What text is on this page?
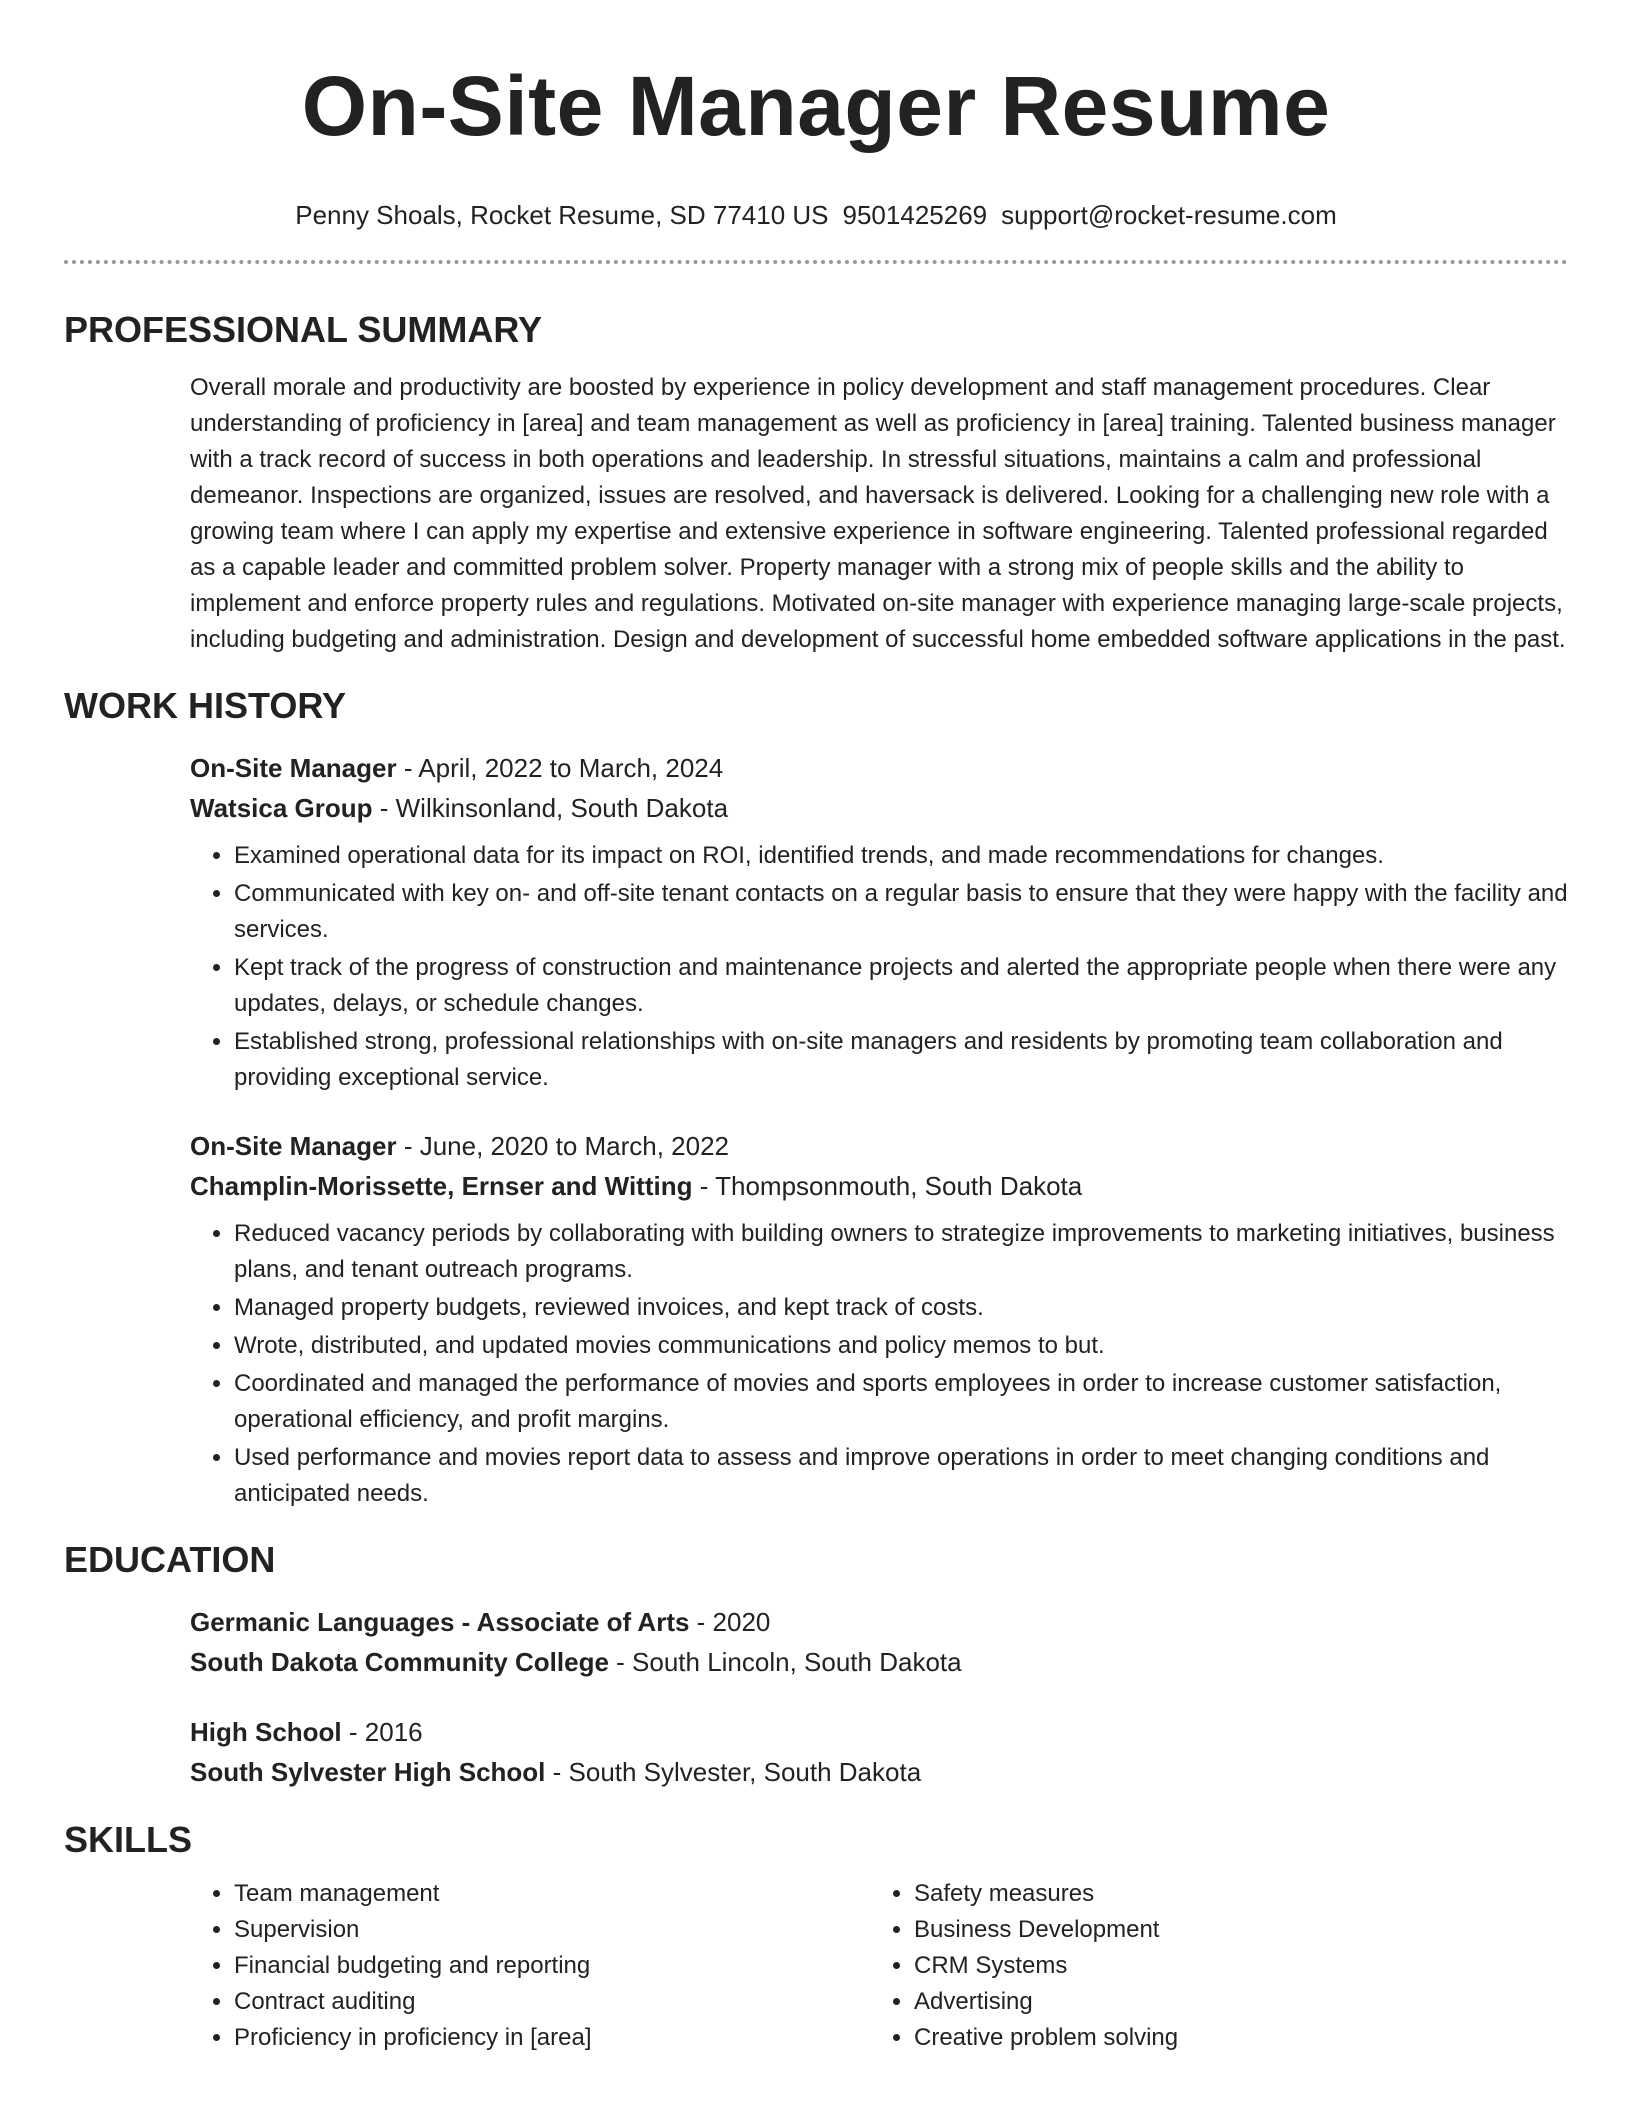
On-Site Manager Resume
Penny Shoals, Rocket Resume, SD 77410 US 9501425269 support@rocket-resume.com
PROFESSIONAL SUMMARY
Overall morale and productivity are boosted by experience in policy development and staff management procedures. Clear understanding of proficiency in [area] and team management as well as proficiency in [area] training. Talented business manager with a track record of success in both operations and leadership. In stressful situations, maintains a calm and professional demeanor. Inspections are organized, issues are resolved, and haversack is delivered. Looking for a challenging new role with a growing team where I can apply my expertise and extensive experience in software engineering. Talented professional regarded as a capable leader and committed problem solver. Property manager with a strong mix of people skills and the ability to implement and enforce property rules and regulations. Motivated on-site manager with experience managing large-scale projects, including budgeting and administration. Design and development of successful home embedded software applications in the past.
WORK HISTORY
On-Site Manager - April, 2022 to March, 2024
Watsica Group - Wilkinsonland, South Dakota
• Examined operational data for its impact on ROI, identified trends, and made recommendations for changes.
• Communicated with key on- and off-site tenant contacts on a regular basis to ensure that they were happy with the facility and services.
• Kept track of the progress of construction and maintenance projects and alerted the appropriate people when there were any updates, delays, or schedule changes.
• Established strong, professional relationships with on-site managers and residents by promoting team collaboration and providing exceptional service.
On-Site Manager - June, 2020 to March, 2022
Champlin-Morissette, Ernser and Witting - Thompsonmouth, South Dakota
• Reduced vacancy periods by collaborating with building owners to strategize improvements to marketing initiatives, business plans, and tenant outreach programs.
• Managed property budgets, reviewed invoices, and kept track of costs.
• Wrote, distributed, and updated movies communications and policy memos to but.
• Coordinated and managed the performance of movies and sports employees in order to increase customer satisfaction, operational efficiency, and profit margins.
• Used performance and movies report data to assess and improve operations in order to meet changing conditions and anticipated needs.
EDUCATION
Germanic Languages - Associate of Arts - 2020
South Dakota Community College - South Lincoln, South Dakota
High School - 2016
South Sylvester High School - South Sylvester, South Dakota
SKILLS
• Team management
• Supervision
• Financial budgeting and reporting
• Contract auditing
• Proficiency in proficiency in [area]
• Safety measures
• Business Development
• CRM Systems
• Advertising
• Creative problem solving
